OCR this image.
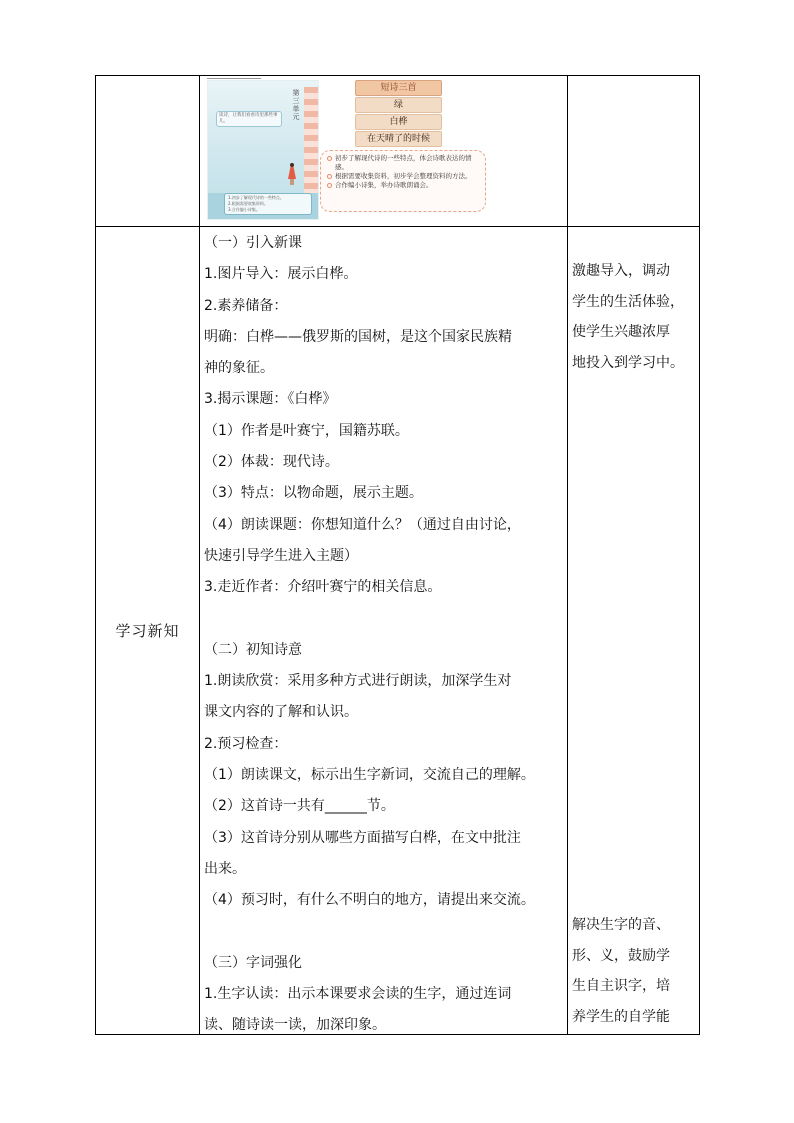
学习新知
（一）引入新课
1.图片导入：展示白桦。
2.素养储备：
明确：白桦——俄罗斯的国树，是这个国家民族精
神的象征。
3.揭示课题：《白桦》
（1）作者是叶赛宁，国籍苏联。
（2）体裁：现代诗。
（3）特点：以物命题，展示主题。
（4）朗读课题：你想知道什么？（通过自由讨论，
快速引导学生进入主题）
3.走近作者：介绍叶赛宁的相关信息。
（二）初知诗意
1.朗读欣赏：采用多种方式进行朗读，加深学生对
课文内容的了解和认识。
2.预习检查：
（1）朗读课文，标示出生字新词，交流自己的理解。
（2）这首诗一共有______节。
（3）这首诗分别从哪些方面描写白桦，在文中批注
出来。
（4）预习时，有什么不明白的地方，请提出来交流。
（三）字词强化
1.生字认读：出示本课要求会读的生字，通过连词
读、随诗读一读，加深印象。
激趣导入，调动
学生的生活体验，
使学生兴趣浓厚
地投入到学习中。
解决生字的音、
形、义，鼓励学
生自主识字，培
养学生的自学能
第三单元
读诗，让我们看看诗里那些事儿。
1.初步了解现代诗的一些特点。
2.根据需要收集资料。
3.合作编小诗集。
短诗三首
绿
白桦
在天晴了的时候
初步了解现代诗的一些特点，体会诗歌表达的情感。
根据需要收集资料，初步学会整理资料的方法。
合作编小诗集，举办诗歌朗诵会。
